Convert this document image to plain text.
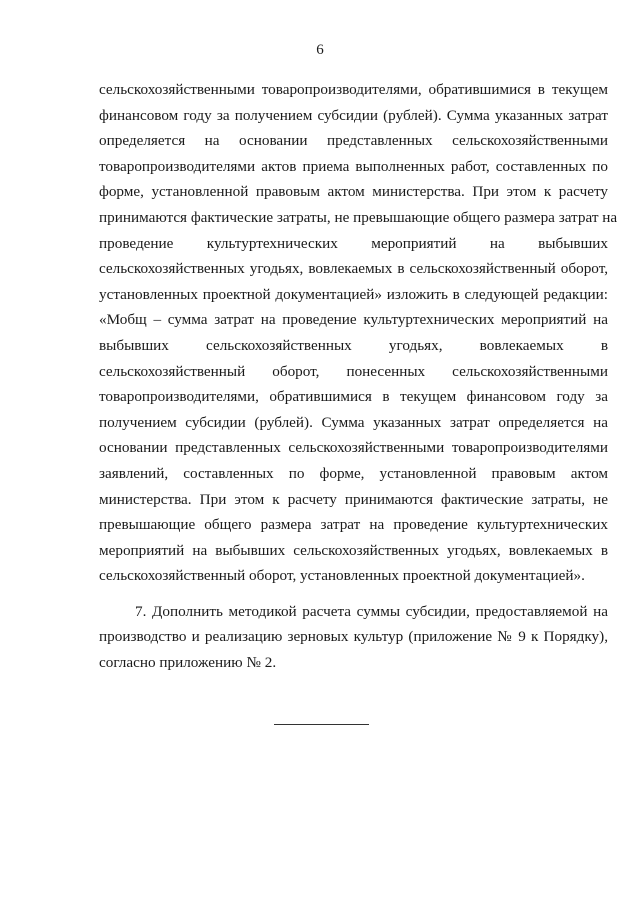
6
сельскохозяйственными товаропроизводителями, обратившимися в текущем
финансовом году за получением субсидии (рублей). Сумма указанных затрат
определяется на основании представленных сельскохозяйственными
товаропроизводителями актов приема выполненных работ, составленных по
форме, установленной правовым актом министерства. При этом к расчету
принимаются фактические затраты, не превышающие общего размера затрат на
проведение культуртехнических мероприятий на выбывших
сельскохозяйственных угодьях, вовлекаемых в сельскохозяйственный оборот,
установленных проектной документацией» изложить в следующей редакции:
«Мобщ – сумма затрат на проведение культуртехнических мероприятий на
выбывших сельскохозяйственных угодьях, вовлекаемых в
сельскохозяйственный оборот, понесенных сельскохозяйственными
товаропроизводителями, обратившимися в текущем финансовом году за
получением субсидии (рублей). Сумма указанных затрат определяется на
основании представленных сельскохозяйственными товаропроизводителями
заявлений, составленных по форме, установленной правовым актом
министерства. При этом к расчету принимаются фактические затраты, не
превышающие общего размера затрат на проведение культуртехнических
мероприятий на выбывших сельскохозяйственных угодьях, вовлекаемых в
сельскохозяйственный оборот, установленных проектной документацией».
7. Дополнить методикой расчета суммы субсидии, предоставляемой на
производство и реализацию зерновых культур (приложение № 9 к Порядку),
согласно приложению № 2.
